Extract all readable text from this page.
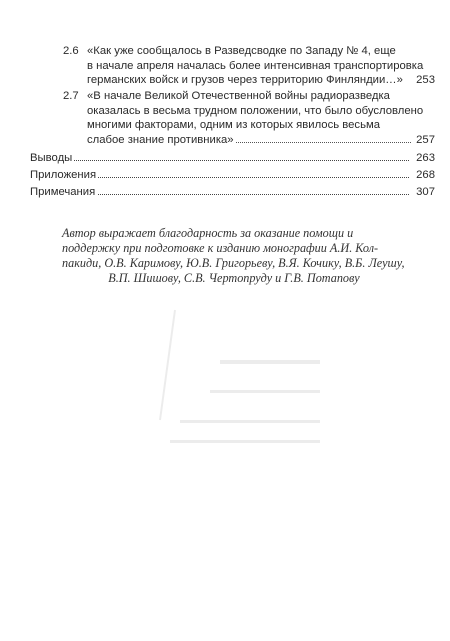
2.6 «Как уже сообщалось в Разведсводке по Западу № 4, еще
в начале апреля началась более интенсивная транспортировка
германских войск и грузов через территорию Финляндии…» 253
2.7 «В начале Великой Отечественной войны радиоразведка
оказалась в весьма трудном положении, что было обусловлено
многими факторами, одним из которых явилось весьма
слабое знание противника»	257
Выводы	263
Приложения	268
Примечания	307
Автор выражает благодарность за оказание помощи и
поддержку при подготовке к изданию монографии А.И. Кол-
пакиди, О.В. Каримову, Ю.В. Григорьеву, В.Я. Кочику, В.Б. Леушу,
В.П. Шишову, С.В. Чертопруду и Г.В. Потапову
